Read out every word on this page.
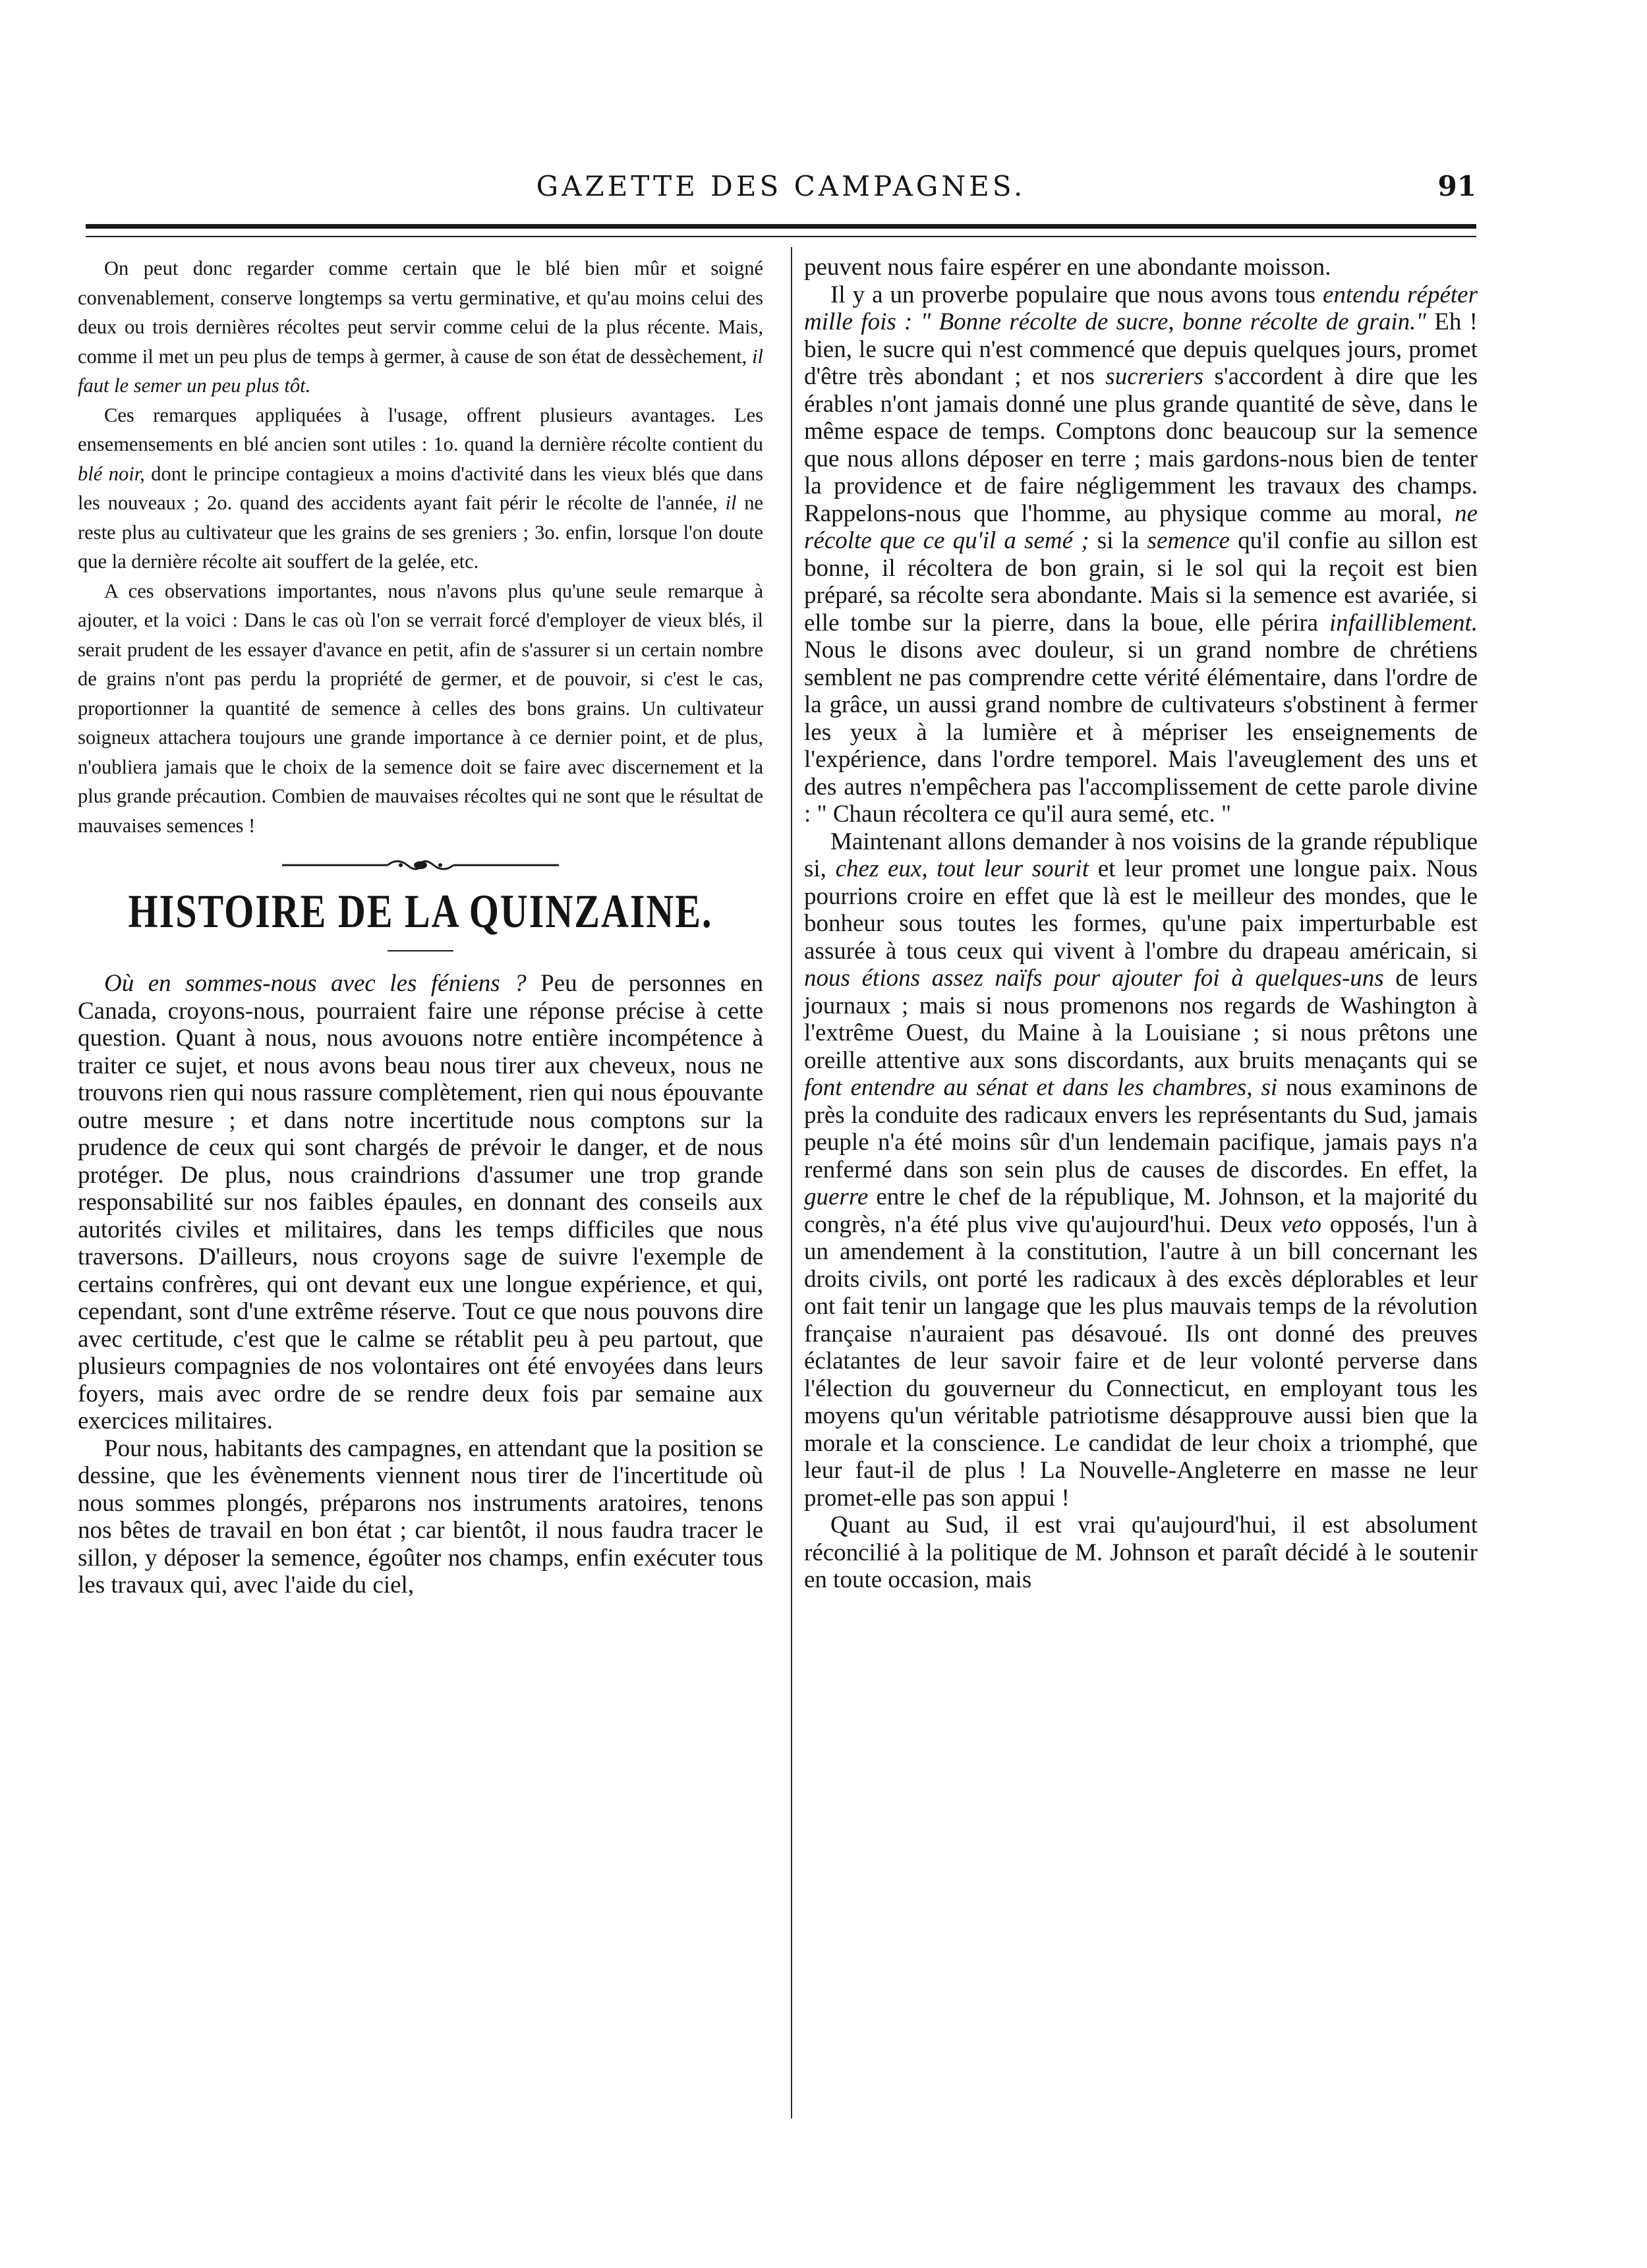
GAZETTE DES CAMPAGNES.	91

On peut donc regarder comme certain que le blé bien mûr et soigné convenablement, conserve longtemps sa vertu germinative, et qu'au moins celui des deux ou trois dernières récoltes peut servir comme celui de la plus récente. Mais, comme il met un peu plus de temps à germer, à cause de son état de dessèchement, il faut le semer un peu plus tôt.

Ces remarques appliquées à l'usage, offrent plusieurs avantages. Les ensemensements en blé ancien sont utiles : 1o. quand la dernière récolte contient du blé noir, dont le principe contagieux a moins d'activité dans les vieux blés que dans les nouveaux ; 2o. quand des accidents ayant fait périr le récolte de l'année, il ne reste plus au cultivateur que les grains de ses greniers ; 3o. enfin, lorsque l'on doute que la dernière récolte ait souffert de la gelée, etc.

A ces observations importantes, nous n'avons plus qu'une seule remarque à ajouter, et la voici : Dans le cas où l'on se verrait forcé d'employer de vieux blés, il serait prudent de les essayer d'avance en petit, afin de s'assurer si un certain nombre de grains n'ont pas perdu la propriété de germer, et de pouvoir, si c'est le cas, proportionner la quantité de semence à celles des bons grains. Un cultivateur soigneux attachera toujours une grande importance à ce dernier point, et de plus, n'oubliera jamais que le choix de la semence doit se faire avec discernement et la plus grande précaution. Combien de mauvaises récoltes qui ne sont que le résultat de mauvaises semences !

HISTOIRE DE LA QUINZAINE.

Où en sommes-nous avec les féniens ? Peu de personnes en Canada, croyons-nous, pourraient faire une réponse précise à cette question. Quant à nous, nous avouons notre entière incompétence à traiter ce sujet, et nous avons beau nous tirer aux cheveux, nous ne trouvons rien qui nous rassure complètement, rien qui nous épouvante outre mesure ; et dans notre incertitude nous comptons sur la prudence de ceux qui sont chargés de prévoir le danger, et de nous protéger. De plus, nous craindrions d'assumer une trop grande responsabilité sur nos faibles épaules, en donnant des conseils aux autorités civiles et militaires, dans les temps difficiles que nous traversons. D'ailleurs, nous croyons sage de suivre l'exemple de certains confrères, qui ont devant eux une longue expérience, et qui, cependant, sont d'une extrême réserve. Tout ce que nous pouvons dire avec certitude, c'est que le calme se rétablit peu à peu partout, que plusieurs compagnies de nos volontaires ont été envoyées dans leurs foyers, mais avec ordre de se rendre deux fois par semaine aux exercices militaires.

Pour nous, habitants des campagnes, en attendant que la position se dessine, que les évènements viennent nous tirer de l'incertitude où nous sommes plongés, préparons nos instruments aratoires, tenons nos bêtes de travail en bon état ; car bientôt, il nous faudra tracer le sillon, y déposer la semence, égoûter nos champs, enfin exécuter tous les travaux qui, avec l'aide du ciel,

peuvent nous faire espérer en une abondante moisson.

Il y a un proverbe populaire que nous avons tous entendu répéter mille fois : " Bonne récolte de sucre, bonne récolte de grain." Eh ! bien, le sucre qui n'est commencé que depuis quelques jours, promet d'être très abondant ; et nos sucreriers s'accordent à dire que les érables n'ont jamais donné une plus grande quantité de sève, dans le même espace de temps. Comptons donc beaucoup sur la semence que nous allons déposer en terre ; mais gardons-nous bien de tenter la providence et de faire négligemment les travaux des champs. Rappelons-nous que l'homme, au physique comme au moral, ne récolte que ce qu'il a semé ; si la semence qu'il confie au sillon est bonne, il récoltera de bon grain, si le sol qui la reçoit est bien préparé, sa récolte sera abondante. Mais si la semence est avariée, si elle tombe sur la pierre, dans la boue, elle périra infailliblement. Nous le disons avec douleur, si un grand nombre de chrétiens semblent ne pas comprendre cette vérité élémentaire, dans l'ordre de la grâce, un aussi grand nombre de cultivateurs s'obstinent à fermer les yeux à la lumière et à mépriser les enseignements de l'expérience, dans l'ordre temporel. Mais l'aveuglement des uns et des autres n'empêchera pas l'accomplissement de cette parole divine : " Chaun récoltera ce qu'il aura semé, etc. "

Maintenant allons demander à nos voisins de la grande république si, chez eux, tout leur sourit et leur promet une longue paix. Nous pourrions croire en effet que là est le meilleur des mondes, que le bonheur sous toutes les formes, qu'une paix imperturbable est assurée à tous ceux qui vivent à l'ombre du drapeau américain, si nous étions assez naïfs pour ajouter foi à quelques-uns de leurs journaux ; mais si nous promenons nos regards de Washington à l'extrême Ouest, du Maine à la Louisiane ; si nous prêtons une oreille attentive aux sons discordants, aux bruits menaçants qui se font entendre au sénat et dans les chambres, si nous examinons de près la conduite des radicaux envers les représentants du Sud, jamais peuple n'a été moins sûr d'un lendemain pacifique, jamais pays n'a renfermé dans son sein plus de causes de discordes. En effet, la guerre entre le chef de la république, M. Johnson, et la majorité du congrès, n'a été plus vive qu'aujourd'hui. Deux veto opposés, l'un à un amendement à la constitution, l'autre à un bill concernant les droits civils, ont porté les radicaux à des excès déplorables et leur ont fait tenir un langage que les plus mauvais temps de la révolution française n'auraient pas désavoué. Ils ont donné des preuves éclatantes de leur savoir faire et de leur volonté perverse dans l'élection du gouverneur du Connecticut, en employant tous les moyens qu'un véritable patriotisme désapprouve aussi bien que la morale et la conscience. Le candidat de leur choix a triomphé, que leur faut-il de plus ! La Nouvelle-Angleterre en masse ne leur promet-elle pas son appui !

Quant au Sud, il est vrai qu'aujourd'hui, il est absolument réconcilié à la politique de M. Johnson et paraît décidé à le soutenir en toute occasion, mais
